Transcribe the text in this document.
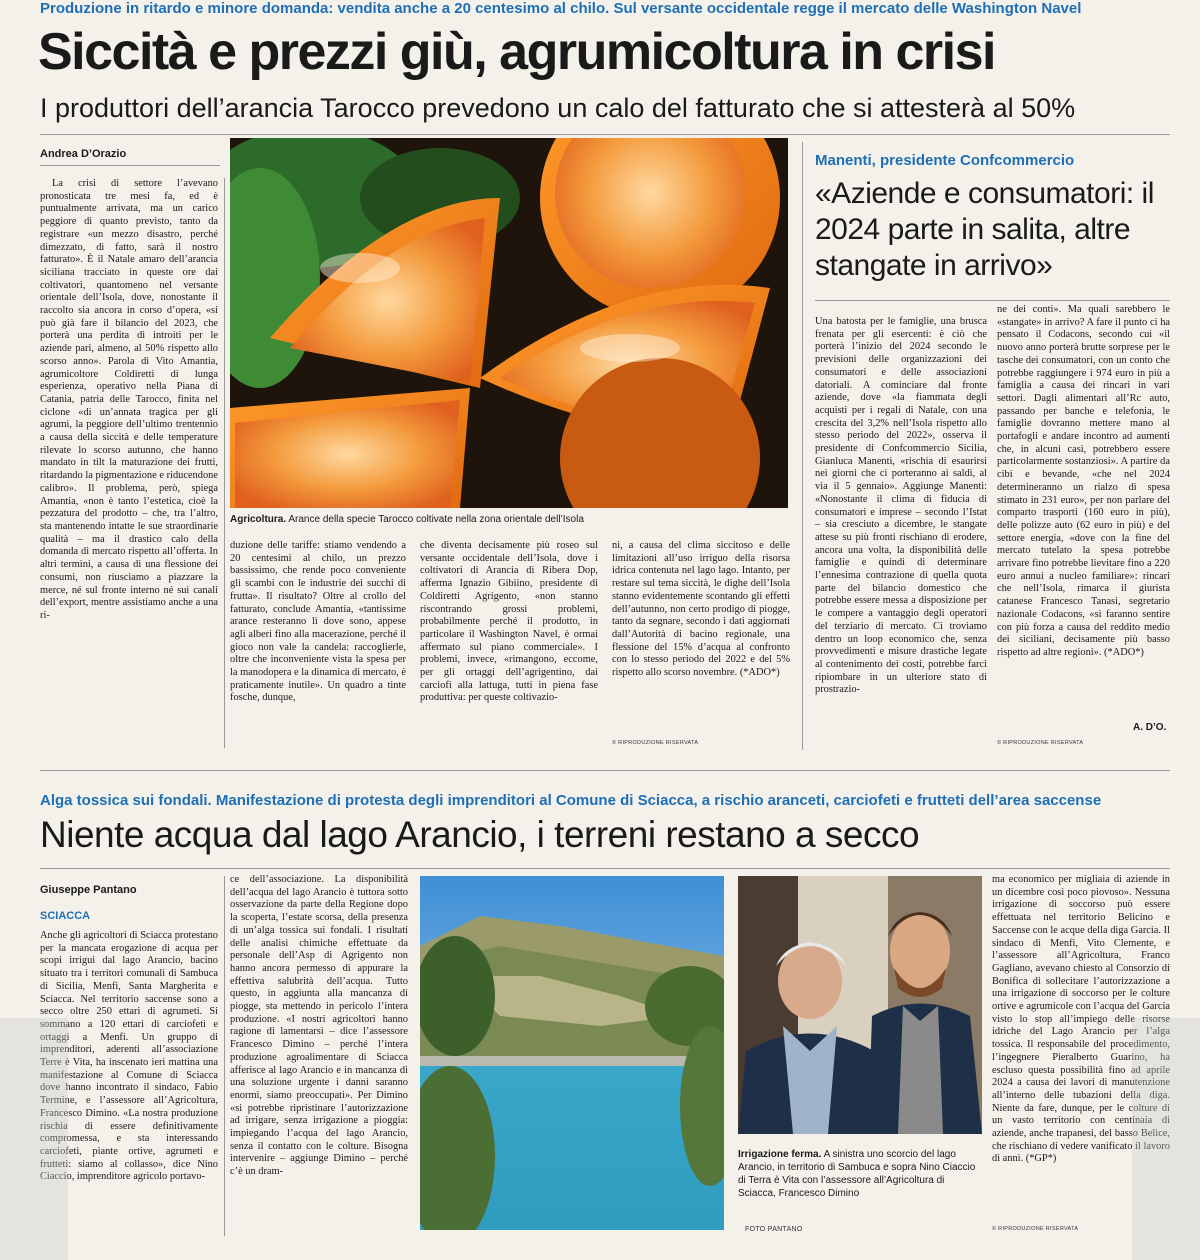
Produzione in ritardo e minore domanda: vendita anche a 20 centesimo al chilo. Sul versante occidentale regge il mercato delle Washington Navel
Siccità e prezzi giù, agrumicoltura in crisi
I produttori dell’arancia Tarocco prevedono un calo del fatturato che si attesterà al 50%
Andrea D’Orazio
Agricoltura. Arance della specie Tarocco coltivate nella zona orientale dell’Isola

La crisi di settore l’avevano pronosticata tre mesi fa, ed è puntualmente arrivata, ma un carico peggiore di quanto previsto, tanto da registrare «un mezzo disastro, perché dimezzato, di fatto, sarà il nostro fatturato». È il Natale amaro dell’arancia siciliana tracciato in queste ore dai coltivatori, quantomeno nel versante orientale dell’Isola, dove, nonostante il raccolto sia ancora in corso d’opera, «si può già fare il bilancio del 2023, che porterà una perdita di introiti per le aziende pari, almeno, al 50% rispetto allo scorso anno». Parola di Vito Amantia, agrumicoltore Coldiretti di lunga esperienza, operativo nella Piana di Catania, patria delle Tarocco, finita nel ciclone «di un’annata tragica per gli agrumi, la peggiore dell’ultimo trentennio a causa della siccità e delle temperature rilevate lo scorso autunno, che hanno mandato in tilt la maturazione dei frutti, ritardando la pigmentazione e riducendone calibro». Il problema, però, spiega Amantia, «non è tanto l’estetica, cioè la pezzatura del prodotto – che, tra l’altro, sta mantenendo intatte le sue straordinarie qualità – ma il drastico calo della domanda di mercato rispetto all’offerta. In altri termini, a causa di una flessione dei consumi, non riusciamo a piazzare la merce, né sul fronte interno né sui canali dell’export, mentre assistiamo anche a una ri-

duzione delle tariffe: stiamo vendendo a 20 centesimi al chilo, un prezzo bassissimo, che rende poco conveniente gli scambi con le industrie dei succhi di frutta». Il risultato? Oltre al crollo del fatturato, conclude Amantia, «tantissime arance resteranno lì dove sono, appese agli alberi fino alla macerazione, perché il gioco non vale la candela: raccoglierle, oltre che inconveniente vista la spesa per la manodopera e la dinamica di mercato, è praticamente inutile». Un quadro a tinte fosche, dunque,

che diventa decisamente più roseo sul versante occidentale dell’Isola, dove i coltivatori di Arancia di Ribera Dop, afferma Ignazio Gibiino, presidente di Coldiretti Agrigento, «non stanno riscontrando grossi problemi, probabilmente perché il prodotto, in particolare il Washington Navel, è ormai affermato sul piano commerciale». I problemi, invece, «rimangono, eccome, per gli ortaggi dell’agrigentino, dai carciofi alla lattuga, tutti in piena fase produttiva: per queste coltivazio-

ni, a causa del clima siccitoso e delle limitazioni all’uso irriguo della risorsa idrica contenuta nel lago lago. Intanto, per restare sul tema siccità, le dighe dell’Isola stanno evidentemente scontando gli effetti dell’autunno, non certo prodigo di piogge, tanto da segnare, secondo i dati aggiornati dall’Autorità di bacino regionale, una flessione del 15% d’acqua al confronto con lo stesso periodo del 2022 e del 5% rispetto allo scorso novembre. (*ADO*)

© RIPRODUZIONE RISERVATA
Manenti, presidente Confcommercio
«Aziende e consumatori: il 2024 parte in salita, altre stangate in arrivo»

Una batosta per le famiglie, una brusca frenata per gli esercenti: è ciò che porterà l’inizio del 2024 secondo le previsioni delle organizzazioni dei consumatori e delle associazioni datoriali. A cominciare dal fronte aziende, dove «la fiammata degli acquisti per i regali di Natale, con una crescita del 3,2% nell’Isola rispetto allo stesso periodo del 2022», osserva il presidente di Confcommercio Sicilia, Gianluca Manenti, «rischia di esaurirsi nei giorni che ci porteranno ai saldi, al via il 5 gennaio». Aggiunge Manenti: «Nonostante il clima di fiducia di consumatori e imprese – secondo l’Istat – sia cresciuto a dicembre, le stangate attese su più fronti rischiano di erodere, ancora una volta, la disponibilità delle famiglie e quindi di determinare l’ennesima contrazione di quella quota parte del bilancio domestico che potrebbe essere messa a disposizione per le compere a vantaggio degli operatori del terziario di mercato. Ci troviamo dentro un loop economico che, senza provvedimenti e misure drastiche legate al contenimento dei costi, potrebbe farci ripiombare in un ulteriore stato di prostrazio-

ne dei conti». Ma quali sarebbero le «stangate» in arrivo? A fare il punto ci ha pensato il Codacons, secondo cui «il nuovo anno porterà brutte sorprese per le tasche dei consumatori, con un conto che potrebbe raggiungere i 974 euro in più a famiglia a causa dei rincari in vari settori. Dagli alimentari all’Rc auto, passando per banche e telefonia, le famiglie dovranno mettere mano al portafogli e andare incontro ad aumenti che, in alcuni casi, potrebbero essere particolarmente sostanziosi». A partire da cibi e bevande, «che nel 2024 determineranno un rialzo di spesa stimato in 231 euro», per non parlare del comparto trasporti (160 euro in più), delle polizze auto (62 euro in più) e del settore energia, «dove con la fine del mercato tutelato la spesa potrebbe arrivare fino potrebbe lievitare fino a 220 euro annui a nucleo familiare»: rincari che nell’Isola, rimarca il giurista catanese Francesco Tanasi, segretario nazionale Codacons, «si faranno sentire con più forza a causa del reddito medio dei siciliani, decisamente più basso rispetto ad altre regioni». (*ADO*)

A. D’O.
© RIPRODUZIONE RISERVATA
Alga tossica sui fondali. Manifestazione di protesta degli imprenditori al Comune di Sciacca, a rischio aranceti, carciofeti e frutteti dell’area saccense
Niente acqua dal lago Arancio, i terreni restano a secco
Giuseppe Pantano
SCIACCA

Anche gli agricoltori di Sciacca protestano per la mancata erogazione di acqua per scopi irrigui dal lago Arancio, bacino situato tra i territori comunali di Sambuca di Sicilia, Menfi, Santa Margherita e Sciacca. Nel territorio saccense sono a secco oltre 250 ettari di agrumeti. Si sommano a 120 ettari di carciofeti e ortaggi a Menfi. Un gruppo di imprenditori, aderenti all’associazione Terre è Vita, ha inscenato ieri mattina una manifestazione al Comune di Sciacca dove hanno incontrato il sindaco, Fabio Termine, e l’assessore all’Agricoltura, Francesco Dimino. «La nostra produzione rischia di essere definitivamente compromessa, e sta interessando carciofeti, piante ortive, agrumeti e frutteti: siamo al collasso», dice Nino Ciaccio, imprenditore agricolo portavo-

ce dell’associazione. La disponibilità dell’acqua del lago Arancio è tuttora sotto osservazione da parte della Regione dopo la scoperta, l’estate scorsa, della presenza di un’alga tossica sui fondali. I risultati delle analisi chimiche effettuate da personale dell’Asp di Agrigento non hanno ancora permesso di appurare la effettiva salubrità dell’acqua. Tutto questo, in aggiunta alla mancanza di piogge, sta mettendo in pericolo l’intera produzione. «I nostri agricoltori hanno ragione di lamentarsi – dice l’assessore Francesco Dimino – perché l’intera produzione agroalimentare di Sciacca afferisce al lago Arancio e in mancanza di una soluzione urgente i danni saranno enormi, siamo preoccupati». Per Dimino «si potrebbe ripristinare l’autorizzazione ad irrigare, senza irrigazione a pioggia: impiegando l’acqua del lago Arancio, senza il contatto con le colture. Bisogna intervenire – aggiunge Dimino – perché c’è un dram-

Irrigazione ferma. A sinistra uno scorcio del lago Arancio, in territorio di Sambuca e sopra Nino Ciaccio di Terra è Vita con l’assessore all’Agricoltura di Sciacca, Francesco Dimino
FOTO PANTANO

ma economico per migliaia di aziende in un dicembre così poco piovoso». Nessuna irrigazione di soccorso può essere effettuata nel territorio Belicino e Saccense con le acque della diga Garcia. Il sindaco di Menfi, Vito Clemente, e l’assessore all’Agricoltura, Franco Gagliano, avevano chiesto al Consorzio di Bonifica di sollecitare l’autorizzazione a una irrigazione di soccorso per le colture ortive e agrumicole con l’acqua del Garcia visto lo stop all’impiego delle risorse idriche del Lago Arancio per l’alga tossica. Il responsabile del procedimento, l’ingegnere Pieralberto Guarino, ha escluso questa possibilità fino ad aprile 2024 a causa dei lavori di manutenzione all’interno delle tubazioni della diga. Niente da fare, dunque, per le colture di un vasto territorio con centinaia di aziende, anche trapanesi, del basso Belice, che rischiano di vedere vanificato il lavoro di anni. (*GP*)

© RIPRODUZIONE RISERVATA
